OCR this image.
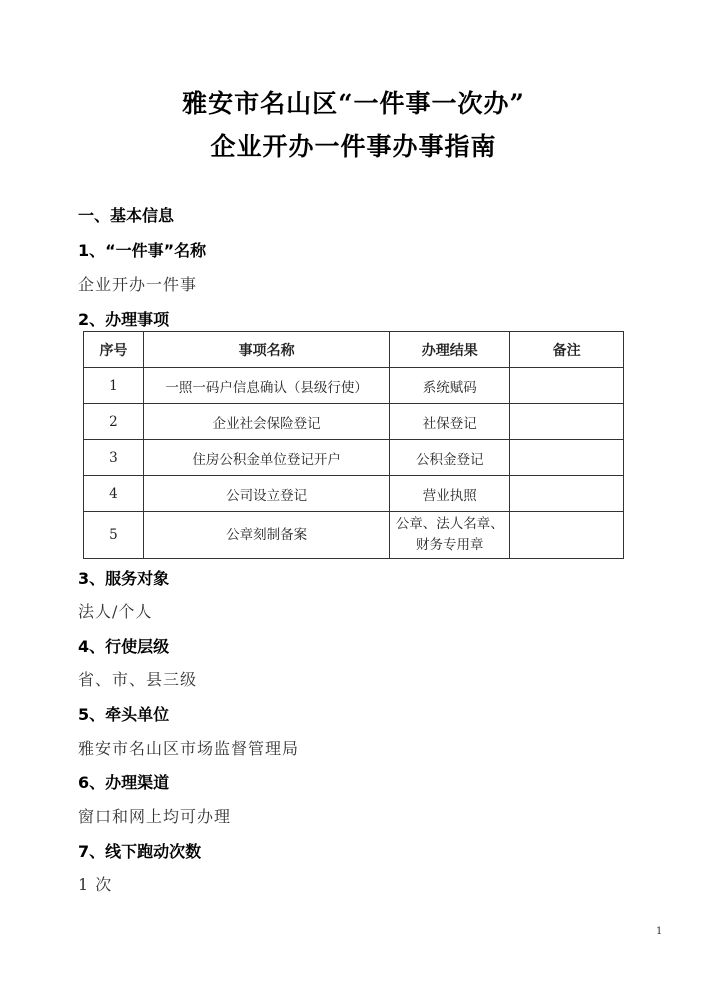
雅安市名山区“一件事一次办”
企业开办一件事办事指南
一、基本信息
1、“一件事”名称
企业开办一件事
2、办理事项
序号	事项名称	办理结果	备注
1	一照一码户信息确认（县级行使）	系统赋码	
2	企业社会保险登记	社保登记	
3	住房公积金单位登记开户	公积金登记	
4	公司设立登记	营业执照	
5	公章刻制备案	公章、法人名章、财务专用章	
3、服务对象
法人/个人
4、行使层级
省、市、县三级
5、牵头单位
雅安市名山区市场监督管理局
6、办理渠道
窗口和网上均可办理
7、线下跑动次数
1 次
1
